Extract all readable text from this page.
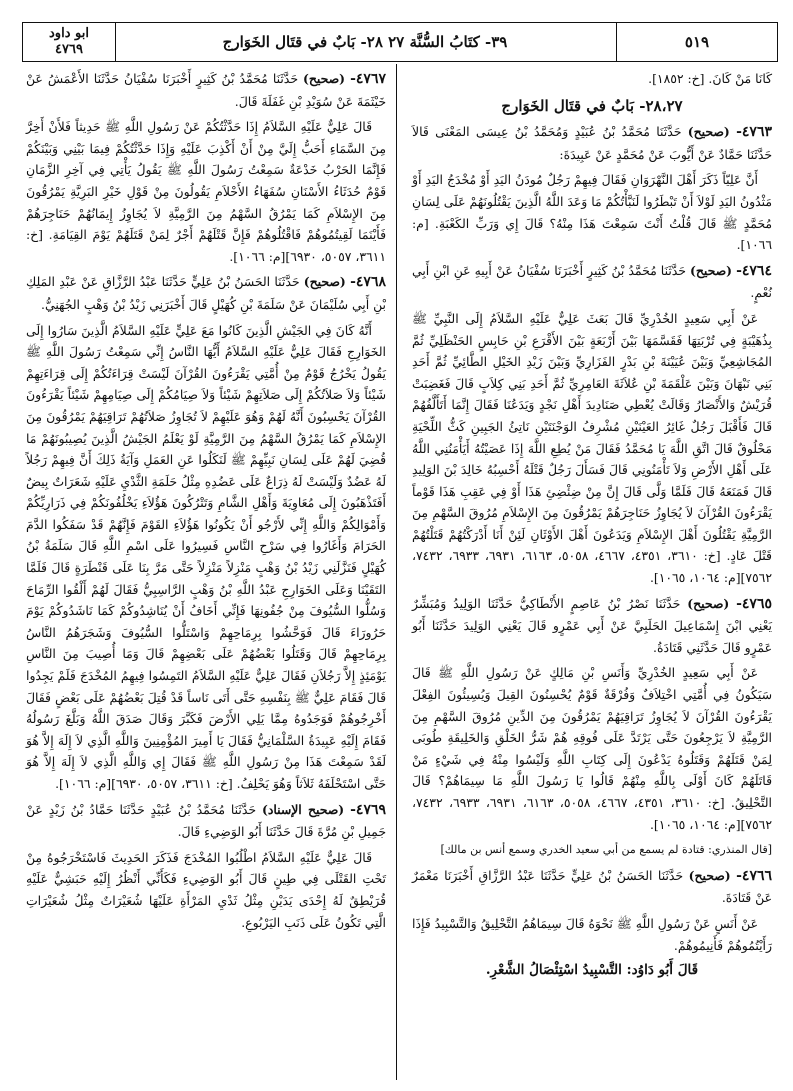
ابو داود
٤٧٦٩	٣٩- كتَابُ السُّنَّة ٢٧ ٢٨- بَابٌ في قتَال الخَوَارج	٥١٩

كَانَا مَنْ كَانَ. [خ: ١٨٥٢].

٢٨،٢٧- بَابٌ في قتَال الخَوَارج

٤٧٦٣- (صحيح) حَدَّثَنَا مُحَمَّدُ بْنُ عُبَيْدٍ وَمُحَمَّدُ بْنُ عِيسَى المَعْنَى قَالاَ حَدَّثَنَا حَمَّادٌ عَنْ أَيُّوبَ عَنْ مُحَمَّدٍ عَنْ عَبِيدَةَ:

أَنَّ عَلِيّاً ذَكَرَ أَهْلَ النَّهْرَوَانِ فَقَالَ فِيهِمْ رَجُلٌ مُودَنُ اليَدِ أَوْ مُخْدَجُ اليَدِ أَوْ مَثْدُونُ اليَدِ لَوْلاَ أَنْ تَبْطَرُوا لَنَبَّأْتُكُمْ مَا وَعَدَ اللَّهُ الَّذِينَ يَقْتُلُونَهُمْ عَلَى لِسَانِ مُحَمَّدٍ ﷺ قَالَ قُلْتُ أَنْتَ سَمِعْتَ هَذَا مِنْهُ؟ قَالَ إِي وَرَبِّ الكَعْبَةِ. [م: ١٠٦٦].

٤٧٦٤- (صحيح) حَدَّثَنَا مُحَمَّدُ بْنُ كَثِيرٍ أَخْبَرَنَا سُفْيَانُ عَنْ أَبِيهِ عَنِ ابْنِ أَبِي نُعْمٍ.

عَنْ أَبِي سَعِيدٍ الخُدْرِيِّ قَالَ بَعَثَ عَلِيٌّ عَلَيْهِ السَّلاَمُ إِلَى النَّبِيِّ ﷺ بِذُهَيْبَةٍ فِي تُرْبَتِهَا فَقَسَّمَهَا بَيْنَ أَرْبَعَةٍ بَيْنَ الأَقْرَعِ بْنِ حَابِسٍ الحَنْظَلِيِّ ثُمَّ المُجَاشِعِيِّ وَبَيْنَ عُيَيْنَةَ بْنِ بَدْرٍ الفَزَارِيِّ وَبَيْنَ زَيْدِ الخَيْلِ الطَّائِيِّ ثُمَّ أَحَدِ بَنِي نَبْهَانَ وَبَيْنَ عَلْقَمَةَ بْنِ عُلاَثَةَ العَامِرِيِّ ثُمَّ أَحَدِ بَنِي كِلاَبٍ قَالَ فَغَضِبَتْ قُرَيْشٌ وَالأَنْصَارُ وَقَالَتْ يُعْطِي صَنَادِيدَ أَهْلِ نَجْدٍ وَيَدَعُنَا فَقَالَ إِنَّمَا أَتَأَلَّفُهُمْ قَالَ فَأَقْبَلَ رَجُلٌ غَائِرُ العَيْنَيْنِ مُشْرِفُ الوَجْنَتَيْنِ نَاتِئُ الجَبِينِ كَثُّ اللِّحْيَةِ مَحْلُوقٌ قَالَ اتَّقِ اللَّهَ يَا مُحَمَّدُ فَقَالَ مَنْ يُطِعِ اللَّهَ إِذَا عَصَيْتُهُ أَيَأْمَنُنِي اللَّهُ عَلَى أَهْلِ الأَرْضِ وَلاَ تَأْمَنُونِي قَالَ فَسَأَلَ رَجُلٌ قَتْلَهُ أَحْسِبُهُ خَالِدَ بْنَ الوَلِيدِ قَالَ فَمَنَعَهُ قَالَ فَلَمَّا وَلَّى قَالَ إِنَّ مِنْ ضِئْضِئِ هَذَا أَوْ فِي عَقِبِ هَذَا قَوْماً يَقْرَءُونَ القُرْآنَ لاَ يُجَاوِزُ حَنَاجِرَهُمْ يَمْرُقُونَ مِنَ الإِسْلاَمِ مُرُوقَ السَّهْمِ مِنَ الرَّمِيَّةِ يَقْتُلُونَ أَهْلَ الإِسْلاَمِ وَيَدَعُونَ أَهْلَ الأَوْثَانِ لَئِنْ أَنَا أَدْرَكْتُهُمْ قَتَلْتُهُمْ قَتْلَ عَادٍ. [خ: ٣٦١٠، ٤٣٥١، ٤٦٦٧، ٥٠٥٨، ٦١٦٣، ٦٩٣١، ٦٩٣٣، ٧٤٣٢، ٧٥٦٢][م: ١٠٦٤، ١٠٦٥].

٤٧٦٥- (صحيح) حَدَّثَنَا نَصْرُ بْنُ عَاصِمٍ الأَنْطَاكِيُّ حَدَّثَنَا الوَلِيدُ وَمُبَشِّرٌ يَعْنِي ابْنَ إِسْمَاعِيلَ الحَلَبِيَّ عَنْ أَبِي عَمْرٍو قَالَ يَعْنِي الوَلِيدَ حَدَّثَنَا أَبُو عَمْرٍو قَالَ حَدَّثَنِي قَتَادَةُ.

عَنْ أَبِي سَعِيدٍ الخُدْرِيِّ وَأَنَسِ بْنِ مَالِكٍ عَنْ رَسُولِ اللَّهِ ﷺ قَالَ سَيَكُونُ فِي أُمَّتِي اخْتِلاَفٌ وَفُرْقَةٌ قَوْمٌ يُحْسِنُونَ القِيلَ وَيُسِيئُونَ الفِعْلَ يَقْرَءُونَ القُرْآنَ لاَ يُجَاوِزُ تَرَاقِيَهُمْ يَمْرُقُونَ مِنَ الدِّينِ مُرُوقَ السَّهْمِ مِنَ الرَّمِيَّةِ لاَ يَرْجِعُونَ حَتَّى يَرْتَدَّ عَلَى فُوقِهِ هُمْ شَرُّ الخَلْقِ وَالخَلِيقَةِ طُوبَى لِمَنْ قَتَلَهُمْ وَقَتَلُوهُ يَدْعُونَ إِلَى كِتَابِ اللَّهِ وَلَيْسُوا مِنْهُ فِي شَيْءٍ مَنْ قَاتَلَهُمْ كَانَ أَوْلَى بِاللَّهِ مِنْهُمْ قَالُوا يَا رَسُولَ اللَّهِ مَا سِيمَاهُمْ؟ قَالَ التَّحْلِيقُ. [خ: ٣٦١٠، ٤٣٥١، ٤٦٦٧، ٥٠٥٨، ٦١٦٣، ٦٩٣١، ٦٩٣٣، ٧٤٣٢، ٧٥٦٢][م: ١٠٦٤، ١٠٦٥].

[قال المنذري: قتادة لم يسمع من أبي سعيد الخدري وسمع أنس بن مالك]

٤٧٦٦- (صحيح) حَدَّثَنَا الحَسَنُ بْنُ عَلِيٍّ حَدَّثَنَا عَبْدُ الرَّزَّاقِ أَخْبَرَنَا مَعْمَرٌ عَنْ قَتَادَةَ.

عَنْ أَنَسٍ عَنْ رَسُولِ اللَّهِ ﷺ نَحْوَهُ قَالَ سِيمَاهُمُ التَّحْلِيقُ وَالتَّسْبِيدُ فَإِذَا رَأَيْتُمُوهُمْ فَأَنِيمُوهُمْ.

قَالَ أَبُو دَاوُد: التَّسْبِيدُ اسْتِئْصَالُ الشَّعْرِ.

٤٧٦٧- (صحيح) حَدَّثَنَا مُحَمَّدُ بْنُ كَثِيرٍ أَخْبَرَنَا سُفْيَانُ حَدَّثَنَا الأَعْمَشُ عَنْ خَيْثَمَةَ عَنْ سُوَيْدِ بْنِ غَفَلَةَ قَالَ.

قَالَ عَلِيٌّ عَلَيْهِ السَّلاَمُ إِذَا حَدَّثْتُكُمْ عَنْ رَسُولِ اللَّهِ ﷺ حَدِيثاً فَلأَنْ أَخِرَّ مِنَ السَّمَاءِ أَحَبُّ إِلَيَّ مِنْ أَنْ أَكْذِبَ عَلَيْهِ وَإِذَا حَدَّثْتُكُمْ فِيمَا بَيْنِي وَبَيْنَكُمْ فَإِنَّمَا الحَرْبُ خَدْعَةٌ سَمِعْتُ رَسُولَ اللَّهِ ﷺ يَقُولُ يَأْتِي فِي آخِرِ الزَّمَانِ قَوْمٌ حُدَثَاءُ الأَسْنَانِ سُفَهَاءُ الأَحْلاَمِ يَقُولُونَ مِنْ قَوْلِ خَيْرِ البَرِيَّةِ يَمْرُقُونَ مِنَ الإِسْلاَمِ كَمَا يَمْرُقُ السَّهْمُ مِنَ الرَّمِيَّةِ لاَ يُجَاوِزُ إِيمَانُهُمْ حَنَاجِرَهُمْ فَأَيْنَمَا لَقِيتُمُوهُمْ فَاقْتُلُوهُمْ فَإِنَّ قَتْلَهُمْ أَجْرٌ لِمَنْ قَتَلَهُمْ يَوْمَ القِيَامَةِ. [خ: ٣٦١١، ٥٠٥٧، ٦٩٣٠][م: ١٠٦٦].

٤٧٦٨- (صحيح) حَدَّثَنَا الحَسَنُ بْنُ عَلِيٍّ حَدَّثَنَا عَبْدُ الرَّزَّاقِ عَنْ عَبْدِ المَلِكِ بْنِ أَبِي سُلَيْمَانَ عَنْ سَلَمَةَ بْنِ كُهَيْلٍ قَالَ أَخْبَرَنِي زَيْدُ بْنُ وَهْبٍ الجُهَنِيُّ.

أَنَّهُ كَانَ فِي الجَيْشِ الَّذِينَ كَانُوا مَعَ عَلِيٍّ عَلَيْهِ السَّلاَمُ الَّذِينَ سَارُوا إِلَى الخَوَارِجِ فَقَالَ عَلِيٌّ عَلَيْهِ السَّلاَمُ أَيُّهَا النَّاسُ إِنِّي سَمِعْتُ رَسُولَ اللَّهِ ﷺ يَقُولُ يَخْرُجُ قَوْمٌ مِنْ أُمَّتِي يَقْرَءُونَ القُرْآنَ لَيْسَتْ قِرَاءَتُكُمْ إِلَى قِرَاءَتِهِمْ شَيْئاً وَلاَ صَلاَتُكُمْ إِلَى صَلاَتِهِمْ شَيْئاً وَلاَ صِيَامُكُمْ إِلَى صِيَامِهِمْ شَيْئاً يَقْرَءُونَ القُرْآنَ يَحْسِبُونَ أَنَّهُ لَهُمْ وَهُوَ عَلَيْهِمْ لاَ تُجَاوِزُ صَلاَتُهُمْ تَرَاقِيَهُمْ يَمْرُقُونَ مِنَ الإِسْلاَمِ كَمَا يَمْرُقُ السَّهْمُ مِنَ الرَّمِيَّةِ لَوْ يَعْلَمُ الجَيْشُ الَّذِينَ يُصِيبُونَهُمْ مَا قُضِيَ لَهُمْ عَلَى لِسَانِ نَبِيِّهِمْ ﷺ لَنَكَلُوا عَنِ العَمَلِ وَآيَةُ ذَلِكَ أَنَّ فِيهِمْ رَجُلاً لَهُ عَضُدٌ وَلَيْسَتْ لَهُ ذِرَاعٌ عَلَى عَضُدِهِ مِثْلُ حَلَمَةِ الثَّدْيِ عَلَيْهِ شَعَرَاتٌ بِيضٌ أَفَتَذْهَبُونَ إِلَى مُعَاوِيَةَ وَأَهْلِ الشَّامِ وَتَتْرُكُونَ هَؤُلاَءِ يَخْلُفُونَكُمْ فِي ذَرَارِيِّكُمْ وَأَمْوَالِكُمْ وَاللَّهِ إِنِّي لأَرْجُو أَنْ يَكُونُوا هَؤُلاَءِ القَوْمَ فَإِنَّهُمْ قَدْ سَفَكُوا الدَّمَ الحَرَامَ وَأَغَارُوا فِي سَرْحِ النَّاسِ فَسِيرُوا عَلَى اسْمِ اللَّهِ قَالَ سَلَمَةُ بْنُ كُهَيْلٍ فَنَزَّلَنِي زَيْدُ بْنُ وَهْبٍ مَنْزِلاً مَنْزِلاً حَتَّى مَرَّ بِنَا عَلَى قَنْطَرَةٍ قَالَ فَلَمَّا التَقَيْنَا وَعَلَى الخَوَارِجِ عَبْدُ اللَّهِ بْنُ وَهْبٍ الرَّاسِبِيُّ فَقَالَ لَهُمْ أَلْقُوا الرِّمَاحَ وَسُلُّوا السُّيُوفَ مِنْ جُفُونِهَا فَإِنِّي أَخَافُ أَنْ يُنَاشِدُوكُمْ كَمَا نَاشَدُوكُمْ يَوْمَ حَرُورَاءَ قَالَ فَوَحَّشُوا بِرِمَاحِهِمْ وَاسْتَلُّوا السُّيُوفَ وَشَجَرَهُمُ النَّاسُ بِرِمَاحِهِمْ قَالَ وَقَتَلُوا بَعْضُهُمْ عَلَى بَعْضِهِمْ قَالَ وَمَا أُصِيبَ مِنَ النَّاسِ يَوْمَئِذٍ إِلاَّ رَجُلاَنِ فَقَالَ عَلِيٌّ عَلَيْهِ السَّلاَمُ التَمِسُوا فِيهِمُ المُخْدَجَ فَلَمْ يَجِدُوا قَالَ فَقَامَ عَلِيٌّ ﷺ بِنَفْسِهِ حَتَّى أَتَى نَاساً قَدْ قُتِلَ بَعْضُهُمْ عَلَى بَعْضٍ فَقَالَ أَخْرِجُوهُمْ فَوَجَدُوهُ مِمَّا يَلِي الأَرْضَ فَكَبَّرَ وَقَالَ صَدَقَ اللَّهُ وَبَلَّغَ رَسُولُهُ فَقَامَ إِلَيْهِ عَبِيدَةُ السَّلْمَانِيُّ فَقَالَ يَا أَمِيرَ المُؤْمِنِينَ وَاللَّهِ الَّذِي لاَ إِلَهَ إِلاَّ هُوَ لَقَدْ سَمِعْتَ هَذَا مِنْ رَسُولِ اللَّهِ ﷺ فَقَالَ إِي وَاللَّهِ الَّذِي لاَ إِلَهَ إِلاَّ هُوَ حَتَّى اسْتَحْلَفَهُ ثَلاَثاً وَهُوَ يَحْلِفُ. [خ: ٣٦١١، ٥٠٥٧، ٦٩٣٠][م: ١٠٦٦].

٤٧٦٩- (صحيح الإسناد) حَدَّثَنَا مُحَمَّدُ بْنُ عُبَيْدٍ حَدَّثَنَا حَمَّادُ بْنُ زَيْدٍ عَنْ جَمِيلِ بْنِ مُرَّةَ قَالَ حَدَّثَنَا أَبُو الوَضِيءِ قَالَ.

قَالَ عَلِيٌّ عَلَيْهِ السَّلاَمُ اطْلُبُوا المُخْدَجَ فَذَكَرَ الحَدِيثَ فَاسْتَخْرَجُوهُ مِنْ تَحْتِ القَتْلَى فِي طِينٍ قَالَ أَبُو الوَضِيءِ فَكَأَنِّي أَنْظُرُ إِلَيْهِ حَبَشِيٌّ عَلَيْهِ قُرَيْطِقٌ لَهُ إِحْدَى يَدَيْنِ مِثْلُ ثَدْيِ المَرْأَةِ عَلَيْهَا شُعَيْرَاتٌ مِثْلُ شُعَيْرَاتِ الَّتِي تَكُونُ عَلَى ذَنَبِ اليَرْبُوعِ.
